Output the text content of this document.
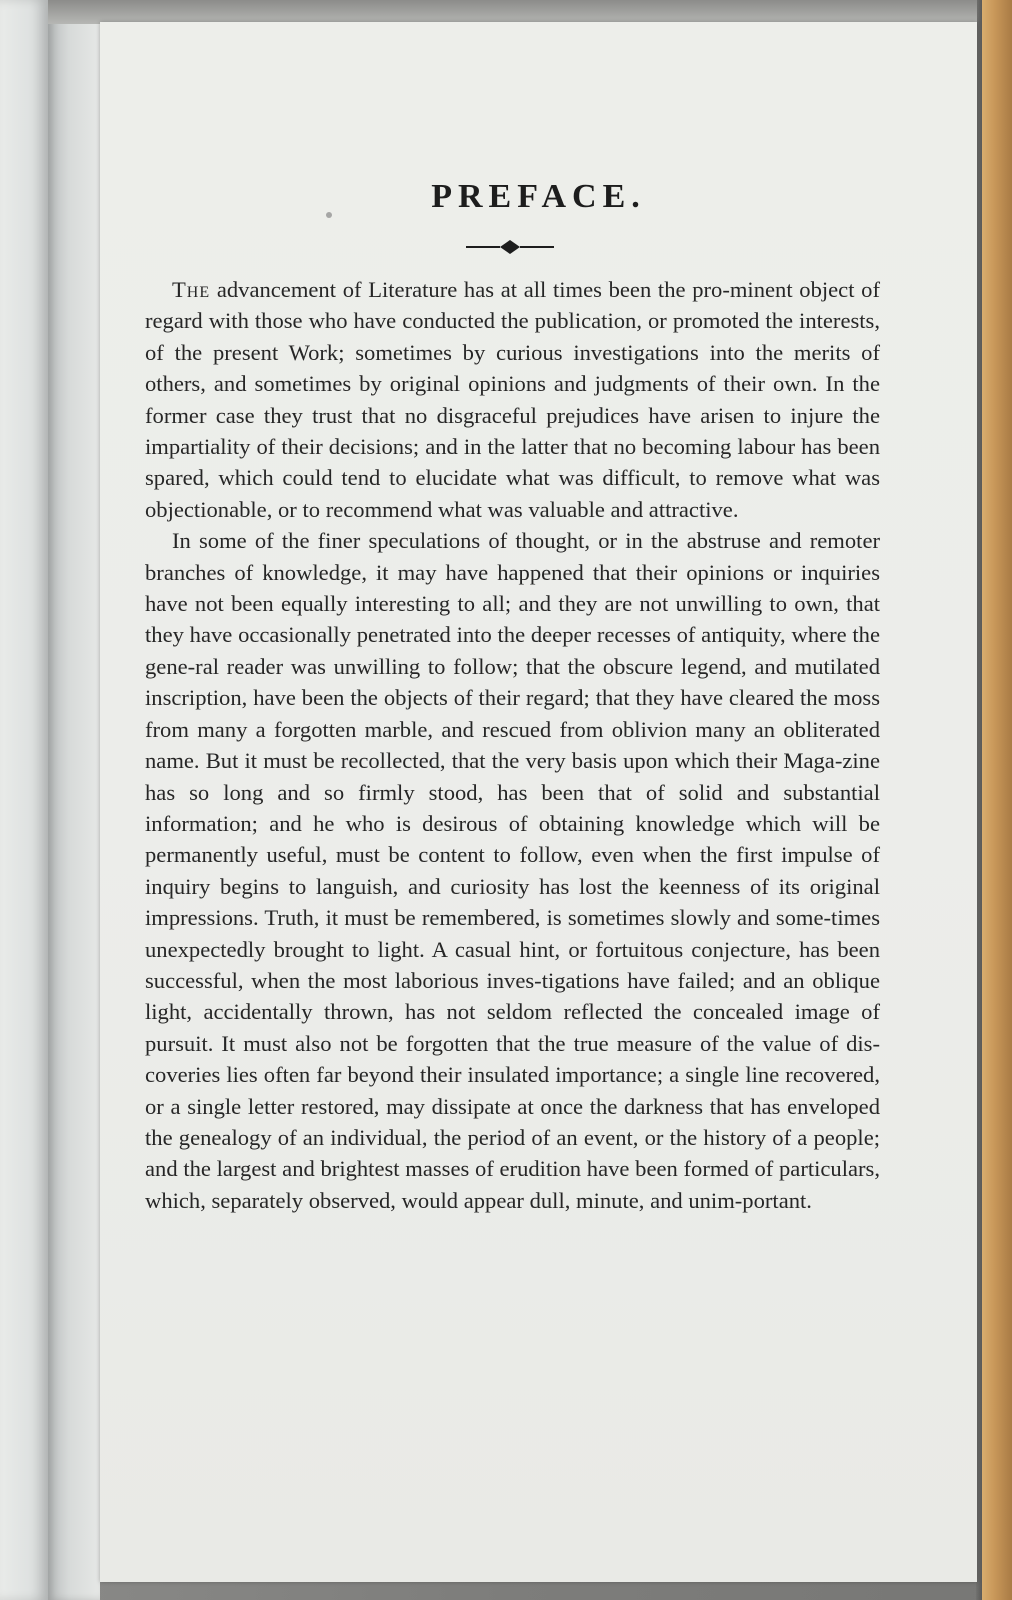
PREFACE.

The advancement of Literature has at all times been the pro-minent object of regard with those who have conducted the publication, or promoted the interests, of the present Work; sometimes by curious investigations into the merits of others, and sometimes by original opinions and judgments of their own. In the former case they trust that no disgraceful prejudices have arisen to injure the impartiality of their decisions; and in the latter that no becoming labour has been spared, which could tend to elucidate what was difficult, to remove what was objectionable, or to recommend what was valuable and attractive.

In some of the finer speculations of thought, or in the abstruse and remoter branches of knowledge, it may have happened that their opinions or inquiries have not been equally interesting to all; and they are not unwilling to own, that they have occasionally penetrated into the deeper recesses of antiquity, where the gene-ral reader was unwilling to follow; that the obscure legend, and mutilated inscription, have been the objects of their regard; that they have cleared the moss from many a forgotten marble, and rescued from oblivion many an obliterated name. But it must be recollected, that the very basis upon which their Maga-zine has so long and so firmly stood, has been that of solid and substantial information; and he who is desirous of obtaining knowledge which will be permanently useful, must be content to follow, even when the first impulse of inquiry begins to languish, and curiosity has lost the keenness of its original impressions. Truth, it must be remembered, is sometimes slowly and some-times unexpectedly brought to light. A casual hint, or fortuitous conjecture, has been successful, when the most laborious inves-tigations have failed; and an oblique light, accidentally thrown, has not seldom reflected the concealed image of pursuit. It must also not be forgotten that the true measure of the value of dis-coveries lies often far beyond their insulated importance; a single line recovered, or a single letter restored, may dissipate at once the darkness that has enveloped the genealogy of an individual, the period of an event, or the history of a people; and the largest and brightest masses of erudition have been formed of particulars, which, separately observed, would appear dull, minute, and unim-portant.
